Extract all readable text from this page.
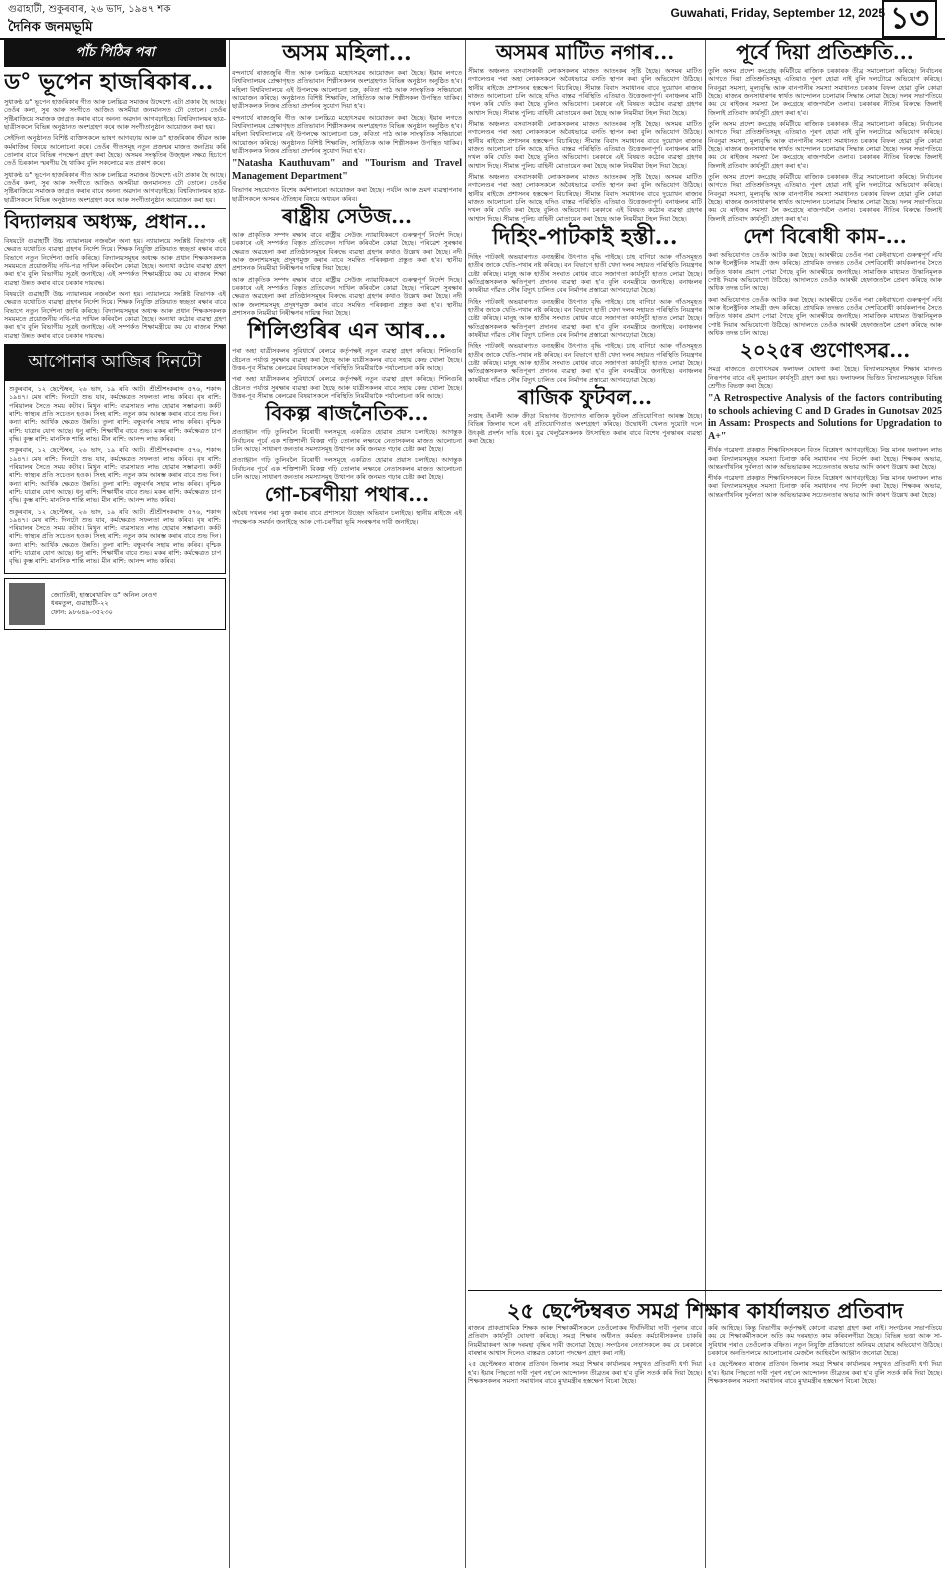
গুৱাহাটী, শুকুৰবাৰ, ২৬ ভাদ, ১৯৪৭ শক
দৈনিক জনমভূমি
Guwahati, Friday, September 12, 2025 ১৩
পাঁচ পিঠিৰ পৰা
ড° ভূপেন হাজৰিকাৰ...

সুধাকণ্ঠ ড° ভূপেন হাজৰিকাৰ গীত আৰু চলচ্চিত্ৰ সমাজৰ উদ্দেশ্যে এটা প্ৰকাৰ হৈ আছে। তেওঁৰ কলা, সুৰ আৰু সংগীতে আজিও অসমীয়া জনমানসত ঢৌ তোলে। তেওঁৰ সৃষ্টিৰাজিয়ে সমাজক জাগ্ৰত কৰাৰ বাবে অনন্য অৱদান আগবঢ়াইছে। বিশ্ববিদ্যালয়ৰ ছাত্ৰ-ছাত্ৰীসকলে বিভিন্ন অনুষ্ঠানত অংশগ্ৰহণ কৰে আৰু সংগীতানুষ্ঠান আয়োজন কৰা হয়।

সেইদিনা অনুষ্ঠানত বিশিষ্ট ব্যক্তিসকলে ভাষণ আগবঢ়ায় আৰু ড° হাজৰিকাৰ জীৱন আৰু কৰ্মৰাজিৰ বিষয়ে আলোচনা কৰে। তেওঁৰ গীতসমূহ নতুন প্ৰজন্মৰ মাজত জনপ্ৰিয় কৰি তোলাৰ বাবে বিভিন্ন পদক্ষেপ গ্ৰহণ কৰা হৈছে। অসমৰ সংস্কৃতিৰ উজ্জ্বল নক্ষত্ৰ হিচাপে তেওঁ চিৰকাল স্মৰণীয় হৈ থাকিব বুলি সকলোৱে মত প্ৰকাশ কৰে।

সুধাকণ্ঠ ড° ভূপেন হাজৰিকাৰ গীত আৰু চলচ্চিত্ৰ সমাজৰ উদ্দেশ্যে এটা প্ৰকাৰ হৈ আছে। তেওঁৰ কলা, সুৰ আৰু সংগীতে আজিও অসমীয়া জনমানসত ঢৌ তোলে। তেওঁৰ সৃষ্টিৰাজিয়ে সমাজক জাগ্ৰত কৰাৰ বাবে অনন্য অৱদান আগবঢ়াইছে। বিশ্ববিদ্যালয়ৰ ছাত্ৰ-ছাত্ৰীসকলে বিভিন্ন অনুষ্ঠানত অংশগ্ৰহণ কৰে আৰু সংগীতানুষ্ঠান আয়োজন কৰা হয়।

বিদ্যালয়ৰ অধ্যক্ষ, প্ৰধান...

বিষয়টো গুৱাহাটী উচ্চ ন্যায়ালয়ৰ নজৰলৈ অনা হয়। ন্যায়ালয়ে সংশ্লিষ্ট বিভাগক এই ক্ষেত্ৰত যথোচিত ব্যৱস্থা গ্ৰহণৰ নিৰ্দেশ দিয়ে। শিক্ষক নিযুক্তি প্ৰক্ৰিয়াত স্বচ্ছতা ৰক্ষাৰ বাবে বিভাগে নতুন নিৰ্দেশনা জাৰি কৰিছে। বিদ্যালয়সমূহৰ অধ্যক্ষ আৰু প্ৰধান শিক্ষকসকলক সময়মতে প্ৰয়োজনীয় নথি-পত্ৰ দাখিল কৰিবলৈ কোৱা হৈছে। অন্যথা কঠোৰ ব্যৱস্থা গ্ৰহণ কৰা হ'ব বুলি বিভাগীয় সূত্ৰই জনাইছে। এই সম্পৰ্কত শিক্ষামন্ত্ৰীয়ে কয় যে ৰাজ্যৰ শিক্ষা ব্যৱস্থা উন্নত কৰাৰ বাবে চৰকাৰ দায়বদ্ধ।

বিষয়টো গুৱাহাটী উচ্চ ন্যায়ালয়ৰ নজৰলৈ অনা হয়। ন্যায়ালয়ে সংশ্লিষ্ট বিভাগক এই ক্ষেত্ৰত যথোচিত ব্যৱস্থা গ্ৰহণৰ নিৰ্দেশ দিয়ে। শিক্ষক নিযুক্তি প্ৰক্ৰিয়াত স্বচ্ছতা ৰক্ষাৰ বাবে বিভাগে নতুন নিৰ্দেশনা জাৰি কৰিছে। বিদ্যালয়সমূহৰ অধ্যক্ষ আৰু প্ৰধান শিক্ষকসকলক সময়মতে প্ৰয়োজনীয় নথি-পত্ৰ দাখিল কৰিবলৈ কোৱা হৈছে। অন্যথা কঠোৰ ব্যৱস্থা গ্ৰহণ কৰা হ'ব বুলি বিভাগীয় সূত্ৰই জনাইছে। এই সম্পৰ্কত শিক্ষামন্ত্ৰীয়ে কয় যে ৰাজ্যৰ শিক্ষা ব্যৱস্থা উন্নত কৰাৰ বাবে চৰকাৰ দায়বদ্ধ।

আপোনাৰ আজিৰ দিনটো

শুকুৰবাৰ, ১২ ছেপ্টেম্বৰ, ২৬ ভাদ, ১৯ ৰবি আট। শ্ৰীশ্ৰীশংকৰাব্দ ৫৭৬, শকাব্দ ১৯৪৭। মেষ ৰাশি: দিনটো শুভ যাব, কৰ্মক্ষেত্ৰত সফলতা লাভ কৰিব। বৃষ ৰাশি: পৰিয়ালৰ সৈতে সময় কটাব। মিথুন ৰাশি: ব্যৱসায়ত লাভ হোৱাৰ সম্ভাৱনা। কৰ্কট ৰাশি: স্বাস্থ্যৰ প্ৰতি সচেতন হওক। সিংহ ৰাশি: নতুন কাম আৰম্ভ কৰাৰ বাবে শুভ দিন। কন্যা ৰাশি: আৰ্থিক ক্ষেত্ৰত উন্নতি। তুলা ৰাশি: বন্ধুবৰ্গৰ সহায় লাভ কৰিব। বৃশ্চিক ৰাশি: যাত্ৰাৰ যোগ আছে। ধনু ৰাশি: শিক্ষাৰ্থীৰ বাবে শুভ। মকৰ ৰাশি: কৰ্মক্ষেত্ৰত চাপ বৃদ্ধি। কুম্ভ ৰাশি: মানসিক শান্তি লাভ। মীন ৰাশি: আনন্দ লাভ কৰিব।

শুকুৰবাৰ, ১২ ছেপ্টেম্বৰ, ২৬ ভাদ, ১৯ ৰবি আট। শ্ৰীশ্ৰীশংকৰাব্দ ৫৭৬, শকাব্দ ১৯৪৭। মেষ ৰাশি: দিনটো শুভ যাব, কৰ্মক্ষেত্ৰত সফলতা লাভ কৰিব। বৃষ ৰাশি: পৰিয়ালৰ সৈতে সময় কটাব। মিথুন ৰাশি: ব্যৱসায়ত লাভ হোৱাৰ সম্ভাৱনা। কৰ্কট ৰাশি: স্বাস্থ্যৰ প্ৰতি সচেতন হওক। সিংহ ৰাশি: নতুন কাম আৰম্ভ কৰাৰ বাবে শুভ দিন। কন্যা ৰাশি: আৰ্থিক ক্ষেত্ৰত উন্নতি। তুলা ৰাশি: বন্ধুবৰ্গৰ সহায় লাভ কৰিব। বৃশ্চিক ৰাশি: যাত্ৰাৰ যোগ আছে। ধনু ৰাশি: শিক্ষাৰ্থীৰ বাবে শুভ। মকৰ ৰাশি: কৰ্মক্ষেত্ৰত চাপ বৃদ্ধি। কুম্ভ ৰাশি: মানসিক শান্তি লাভ। মীন ৰাশি: আনন্দ লাভ কৰিব।

শুকুৰবাৰ, ১২ ছেপ্টেম্বৰ, ২৬ ভাদ, ১৯ ৰবি আট। শ্ৰীশ্ৰীশংকৰাব্দ ৫৭৬, শকাব্দ ১৯৪৭। মেষ ৰাশি: দিনটো শুভ যাব, কৰ্মক্ষেত্ৰত সফলতা লাভ কৰিব। বৃষ ৰাশি: পৰিয়ালৰ সৈতে সময় কটাব। মিথুন ৰাশি: ব্যৱসায়ত লাভ হোৱাৰ সম্ভাৱনা। কৰ্কট ৰাশি: স্বাস্থ্যৰ প্ৰতি সচেতন হওক। সিংহ ৰাশি: নতুন কাম আৰম্ভ কৰাৰ বাবে শুভ দিন। কন্যা ৰাশি: আৰ্থিক ক্ষেত্ৰত উন্নতি। তুলা ৰাশি: বন্ধুবৰ্গৰ সহায় লাভ কৰিব। বৃশ্চিক ৰাশি: যাত্ৰাৰ যোগ আছে। ধনু ৰাশি: শিক্ষাৰ্থীৰ বাবে শুভ। মকৰ ৰাশি: কৰ্মক্ষেত্ৰত চাপ বৃদ্ধি। কুম্ভ ৰাশি: মানসিক শান্তি লাভ। মীন ৰাশি: আনন্দ লাভ কৰিব।

জ্যোতিষী, হাস্তৰেখাবিদ ড° অনিল নেওগ
ধৰমতুল, গুৱাহাটী-২২
ফোন: ৯৮৬৪৯-৩৫২৩০
অসম মহিলা...

বন্দনাৰ্থে ৰাজ্যজুৰি গীত আৰু চলচ্চিত্ৰ মহোৎসৱৰ আয়োজন কৰা হৈছে। ইয়াৰ লগতে বিশ্ববিদ্যালয়ৰ প্ৰেক্ষাগৃহত প্ৰতিভাবান শিল্পীসকলৰ অংশগ্ৰহণত বিভিন্ন অনুষ্ঠান অনুষ্ঠিত হ'ব। মহিলা বিশ্ববিদ্যালয়ে এই উপলক্ষে আলোচনা চক্ৰ, কবিতা পাঠ আৰু সাংস্কৃতিক সন্ধিয়াৰো আয়োজন কৰিছে। অনুষ্ঠানত বিশিষ্ট শিক্ষাবিদ, সাহিত্যিক আৰু শিল্পীসকল উপস্থিত থাকিব। ছাত্ৰীসকলক নিজৰ প্ৰতিভা প্ৰদৰ্শনৰ সুযোগ দিয়া হ'ব।

বন্দনাৰ্থে ৰাজ্যজুৰি গীত আৰু চলচ্চিত্ৰ মহোৎসৱৰ আয়োজন কৰা হৈছে। ইয়াৰ লগতে বিশ্ববিদ্যালয়ৰ প্ৰেক্ষাগৃহত প্ৰতিভাবান শিল্পীসকলৰ অংশগ্ৰহণত বিভিন্ন অনুষ্ঠান অনুষ্ঠিত হ'ব। মহিলা বিশ্ববিদ্যালয়ে এই উপলক্ষে আলোচনা চক্ৰ, কবিতা পাঠ আৰু সাংস্কৃতিক সন্ধিয়াৰো আয়োজন কৰিছে। অনুষ্ঠানত বিশিষ্ট শিক্ষাবিদ, সাহিত্যিক আৰু শিল্পীসকল উপস্থিত থাকিব। ছাত্ৰীসকলক নিজৰ প্ৰতিভা প্ৰদৰ্শনৰ সুযোগ দিয়া হ'ব।

"Natasha Kauthuvam" and "Tourism and Travel Management Department"

বিভাগৰ সহযোগত বিশেষ কৰ্মশালাৰো আয়োজন কৰা হৈছে। পৰ্যটন আৰু ভ্ৰমণ ব্যৱস্থাপনাৰ ছাত্ৰীসকলে অসমৰ ঐতিহ্যৰ বিষয়ে অধ্যয়ন কৰিব।

ৰাষ্ট্ৰীয় সেউজ...

আৰু প্ৰাকৃতিক সম্পদ ৰক্ষাৰ বাবে ৰাষ্ট্ৰীয় সেউজ ন্যায়াধিকৰণে গুৰুত্বপূৰ্ণ নিৰ্দেশ দিছে। চৰকাৰে এই সম্পৰ্কত বিস্তৃত প্ৰতিবেদন দাখিল কৰিবলৈ কোৱা হৈছে। পৰিৱেশ সুৰক্ষাৰ ক্ষেত্ৰত অৱহেলা কৰা প্ৰতিষ্ঠানসমূহৰ বিৰুদ্ধে ব্যৱস্থা গ্ৰহণৰ কথাও উল্লেখ কৰা হৈছে। নদী আৰু জলাশয়সমূহ প্ৰদূষণমুক্ত কৰাৰ বাবে সমন্বিত পৰিকল্পনা প্ৰস্তুত কৰা হ'ব। স্থানীয় প্ৰশাসনক নিয়মীয়া নিৰীক্ষণৰ দায়িত্ব দিয়া হৈছে।

আৰু প্ৰাকৃতিক সম্পদ ৰক্ষাৰ বাবে ৰাষ্ট্ৰীয় সেউজ ন্যায়াধিকৰণে গুৰুত্বপূৰ্ণ নিৰ্দেশ দিছে। চৰকাৰে এই সম্পৰ্কত বিস্তৃত প্ৰতিবেদন দাখিল কৰিবলৈ কোৱা হৈছে। পৰিৱেশ সুৰক্ষাৰ ক্ষেত্ৰত অৱহেলা কৰা প্ৰতিষ্ঠানসমূহৰ বিৰুদ্ধে ব্যৱস্থা গ্ৰহণৰ কথাও উল্লেখ কৰা হৈছে। নদী আৰু জলাশয়সমূহ প্ৰদূষণমুক্ত কৰাৰ বাবে সমন্বিত পৰিকল্পনা প্ৰস্তুত কৰা হ'ব। স্থানীয় প্ৰশাসনক নিয়মীয়া নিৰীক্ষণৰ দায়িত্ব দিয়া হৈছে।

শিলিগুৰিৰ এন আৰ...

পৰা অহা যাত্ৰীসকলৰ সুবিধাৰ্থে ৰেলৱে কৰ্তৃপক্ষই নতুন ব্যৱস্থা গ্ৰহণ কৰিছে। শিলিগুৰি ষ্টেচনত পৰ্যাপ্ত সুৰক্ষাৰ ব্যৱস্থা কৰা হৈছে আৰু যাত্ৰীসকলৰ বাবে সহায় কেন্দ্ৰ খোলা হৈছে। উত্তৰ-পূব সীমান্ত ৰেলৱেৰ বিষয়াসকলে পৰিস্থিতি নিয়মীয়াকৈ পৰ্যালোচনা কৰি আছে।

পৰা অহা যাত্ৰীসকলৰ সুবিধাৰ্থে ৰেলৱে কৰ্তৃপক্ষই নতুন ব্যৱস্থা গ্ৰহণ কৰিছে। শিলিগুৰি ষ্টেচনত পৰ্যাপ্ত সুৰক্ষাৰ ব্যৱস্থা কৰা হৈছে আৰু যাত্ৰীসকলৰ বাবে সহায় কেন্দ্ৰ খোলা হৈছে। উত্তৰ-পূব সীমান্ত ৰেলৱেৰ বিষয়াসকলে পৰিস্থিতি নিয়মীয়াকৈ পৰ্যালোচনা কৰি আছে।

বিকল্প ৰাজনৈতিক...

প্ৰত্যাহ্বান গঢ়ি তুলিবলৈ বিৰোধী দলসমূহে একত্ৰিত হোৱাৰ প্ৰয়াস চলাইছে। আগন্তুক নিৰ্বাচনৰ পূৰ্বে এক শক্তিশালী বিকল্প গঢ়ি তোলাৰ লক্ষ্যৰে নেতাসকলৰ মাজত আলোচনা চলি আছে। সাধাৰণ জনতাৰ সমস্যাসমূহ উত্থাপন কৰি জনমত গঢ়াৰ চেষ্টা কৰা হৈছে।

প্ৰত্যাহ্বান গঢ়ি তুলিবলৈ বিৰোধী দলসমূহে একত্ৰিত হোৱাৰ প্ৰয়াস চলাইছে। আগন্তুক নিৰ্বাচনৰ পূৰ্বে এক শক্তিশালী বিকল্প গঢ়ি তোলাৰ লক্ষ্যৰে নেতাসকলৰ মাজত আলোচনা চলি আছে। সাধাৰণ জনতাৰ সমস্যাসমূহ উত্থাপন কৰি জনমত গঢ়াৰ চেষ্টা কৰা হৈছে।

গো-চৰণীয়া পথাৰ...

অবৈধ দখলৰ পৰা মুক্ত কৰাৰ বাবে প্ৰশাসনে উচ্ছেদ অভিযান চলাইছে। স্থানীয় ৰাইজে এই পদক্ষেপক সমৰ্থন জনাইছে আৰু গো-চৰণীয়া ভূমি সংৰক্ষণৰ দাবী জনাইছে।

অসমৰ মাটিত নগাৰ...

সীমান্ত অঞ্চলত বসবাসকাৰী লোকসকলৰ মাজত আতংকৰ সৃষ্টি হৈছে। অসমৰ মাটিত নগালেণ্ডৰ পৰা অহা লোকসকলে অবৈধভাৱে বসতি স্থাপন কৰা বুলি অভিযোগ উঠিছে। স্থানীয় ৰাইজে প্ৰশাসনৰ হস্তক্ষেপ বিচাৰিছে। সীমান্ত বিবাদ সমাধানৰ বাবে দুয়োখন ৰাজ্যৰ মাজত আলোচনা চলি আছে যদিও বাস্তৱ পৰিস্থিতি এতিয়াও উত্তেজনাপূৰ্ণ। বনাঞ্চলৰ মাটি দখল কৰি খেতি কৰা হৈছে বুলিও অভিযোগ। চৰকাৰে এই বিষয়ত কঠোৰ ব্যৱস্থা গ্ৰহণৰ আশ্বাস দিছে। সীমান্ত পুলিচ বাহিনী মোতায়েন কৰা হৈছে আৰু নিয়মীয়া টহল দিয়া হৈছে।

সীমান্ত অঞ্চলত বসবাসকাৰী লোকসকলৰ মাজত আতংকৰ সৃষ্টি হৈছে। অসমৰ মাটিত নগালেণ্ডৰ পৰা অহা লোকসকলে অবৈধভাৱে বসতি স্থাপন কৰা বুলি অভিযোগ উঠিছে। স্থানীয় ৰাইজে প্ৰশাসনৰ হস্তক্ষেপ বিচাৰিছে। সীমান্ত বিবাদ সমাধানৰ বাবে দুয়োখন ৰাজ্যৰ মাজত আলোচনা চলি আছে যদিও বাস্তৱ পৰিস্থিতি এতিয়াও উত্তেজনাপূৰ্ণ। বনাঞ্চলৰ মাটি দখল কৰি খেতি কৰা হৈছে বুলিও অভিযোগ। চৰকাৰে এই বিষয়ত কঠোৰ ব্যৱস্থা গ্ৰহণৰ আশ্বাস দিছে। সীমান্ত পুলিচ বাহিনী মোতায়েন কৰা হৈছে আৰু নিয়মীয়া টহল দিয়া হৈছে।

সীমান্ত অঞ্চলত বসবাসকাৰী লোকসকলৰ মাজত আতংকৰ সৃষ্টি হৈছে। অসমৰ মাটিত নগালেণ্ডৰ পৰা অহা লোকসকলে অবৈধভাৱে বসতি স্থাপন কৰা বুলি অভিযোগ উঠিছে। স্থানীয় ৰাইজে প্ৰশাসনৰ হস্তক্ষেপ বিচাৰিছে। সীমান্ত বিবাদ সমাধানৰ বাবে দুয়োখন ৰাজ্যৰ মাজত আলোচনা চলি আছে যদিও বাস্তৱ পৰিস্থিতি এতিয়াও উত্তেজনাপূৰ্ণ। বনাঞ্চলৰ মাটি দখল কৰি খেতি কৰা হৈছে বুলিও অভিযোগ। চৰকাৰে এই বিষয়ত কঠোৰ ব্যৱস্থা গ্ৰহণৰ আশ্বাস দিছে। সীমান্ত পুলিচ বাহিনী মোতায়েন কৰা হৈছে আৰু নিয়মীয়া টহল দিয়া হৈছে।

দিহিং-পাটকাই হস্তী...

দিহিং পাটকাই অভয়াৰণ্যত বন্যহস্তীৰ উৎপাত বৃদ্ধি পাইছে। চাহ বাগিচা আৰু গাঁওসমূহত হাতীৰ জাকে খেতি-পথাৰ নষ্ট কৰিছে। বন বিভাগে হাতী খেদা দলৰ সহায়ত পৰিস্থিতি নিয়ন্ত্ৰণৰ চেষ্টা কৰিছে। মানুহ আৰু হাতীৰ সংঘাত ৰোধৰ বাবে সজাগতা কাৰ্যসূচী হাতত লোৱা হৈছে। ক্ষতিগ্ৰস্তসকলক ক্ষতিপূৰণ প্ৰদানৰ ব্যৱস্থা কৰা হ'ব বুলি বনমন্ত্ৰীয়ে জনাইছে। বনাঞ্চলৰ কাষৰীয়া গাঁৱত সৌৰ বিদ্যুৎ চালিত বেৰ নিৰ্মাণৰ প্ৰস্তাৱো আগবঢ়োৱা হৈছে।

দিহিং পাটকাই অভয়াৰণ্যত বন্যহস্তীৰ উৎপাত বৃদ্ধি পাইছে। চাহ বাগিচা আৰু গাঁওসমূহত হাতীৰ জাকে খেতি-পথাৰ নষ্ট কৰিছে। বন বিভাগে হাতী খেদা দলৰ সহায়ত পৰিস্থিতি নিয়ন্ত্ৰণৰ চেষ্টা কৰিছে। মানুহ আৰু হাতীৰ সংঘাত ৰোধৰ বাবে সজাগতা কাৰ্যসূচী হাতত লোৱা হৈছে। ক্ষতিগ্ৰস্তসকলক ক্ষতিপূৰণ প্ৰদানৰ ব্যৱস্থা কৰা হ'ব বুলি বনমন্ত্ৰীয়ে জনাইছে। বনাঞ্চলৰ কাষৰীয়া গাঁৱত সৌৰ বিদ্যুৎ চালিত বেৰ নিৰ্মাণৰ প্ৰস্তাৱো আগবঢ়োৱা হৈছে।

দিহিং পাটকাই অভয়াৰণ্যত বন্যহস্তীৰ উৎপাত বৃদ্ধি পাইছে। চাহ বাগিচা আৰু গাঁওসমূহত হাতীৰ জাকে খেতি-পথাৰ নষ্ট কৰিছে। বন বিভাগে হাতী খেদা দলৰ সহায়ত পৰিস্থিতি নিয়ন্ত্ৰণৰ চেষ্টা কৰিছে। মানুহ আৰু হাতীৰ সংঘাত ৰোধৰ বাবে সজাগতা কাৰ্যসূচী হাতত লোৱা হৈছে। ক্ষতিগ্ৰস্তসকলক ক্ষতিপূৰণ প্ৰদানৰ ব্যৱস্থা কৰা হ'ব বুলি বনমন্ত্ৰীয়ে জনাইছে। বনাঞ্চলৰ কাষৰীয়া গাঁৱত সৌৰ বিদ্যুৎ চালিত বেৰ নিৰ্মাণৰ প্ৰস্তাৱো আগবঢ়োৱা হৈছে।

ৰাজিক ফুটবল...

সপ্তাহ ওঁৰালী আৰু ক্ৰীড়া বিভাগৰ উদ্যোগত ৰাজ্যিক ফুটবল প্ৰতিযোগিতা আৰম্ভ হৈছে। বিভিন্ন জিলাৰ দলে এই প্ৰতিযোগিতাত অংশগ্ৰহণ কৰিছে। উদ্বোধনী খেলত দুয়োটা দলে উৎকৃষ্ট প্ৰদৰ্শন দাঙি ধৰে। যুৱ খেলুৱৈসকলক উৎসাহিত কৰাৰ বাবে বিশেষ পুৰস্কাৰৰ ব্যৱস্থা কৰা হৈছে।

পূৰ্বে দিয়া প্ৰতিশ্ৰুতি...

তুলি অসম প্ৰদেশ কংগ্ৰেছ কমিটীয়ে ৰাজ্যিক চৰকাৰক তীব্ৰ সমালোচনা কৰিছে। নিৰ্বাচনৰ আগতে দিয়া প্ৰতিশ্ৰুতিসমূহ এতিয়াও পূৰণ হোৱা নাই বুলি দলটোৱে অভিযোগ কৰিছে। নিবনুৱা সমস্যা, মূল্যবৃদ্ধি আৰু বানপানীৰ সমস্যা সমাধানত চৰকাৰ বিফল হোৱা বুলি কোৱা হৈছে। ৰাজ্যৰ জনসাধাৰণৰ স্বাৰ্থত আন্দোলন চলোৱাৰ সিদ্ধান্ত লোৱা হৈছে। দলৰ সভাপতিয়ে কয় যে ৰাইজৰ সমস্যা লৈ কংগ্ৰেছে ৰাজপথলৈ ওলাব। চৰকাৰৰ নীতিৰ বিৰুদ্ধে জিলাই জিলাই প্ৰতিবাদ কাৰ্যসূচী গ্ৰহণ কৰা হ'ব।

তুলি অসম প্ৰদেশ কংগ্ৰেছ কমিটীয়ে ৰাজ্যিক চৰকাৰক তীব্ৰ সমালোচনা কৰিছে। নিৰ্বাচনৰ আগতে দিয়া প্ৰতিশ্ৰুতিসমূহ এতিয়াও পূৰণ হোৱা নাই বুলি দলটোৱে অভিযোগ কৰিছে। নিবনুৱা সমস্যা, মূল্যবৃদ্ধি আৰু বানপানীৰ সমস্যা সমাধানত চৰকাৰ বিফল হোৱা বুলি কোৱা হৈছে। ৰাজ্যৰ জনসাধাৰণৰ স্বাৰ্থত আন্দোলন চলোৱাৰ সিদ্ধান্ত লোৱা হৈছে। দলৰ সভাপতিয়ে কয় যে ৰাইজৰ সমস্যা লৈ কংগ্ৰেছে ৰাজপথলৈ ওলাব। চৰকাৰৰ নীতিৰ বিৰুদ্ধে জিলাই জিলাই প্ৰতিবাদ কাৰ্যসূচী গ্ৰহণ কৰা হ'ব।

তুলি অসম প্ৰদেশ কংগ্ৰেছ কমিটীয়ে ৰাজ্যিক চৰকাৰক তীব্ৰ সমালোচনা কৰিছে। নিৰ্বাচনৰ আগতে দিয়া প্ৰতিশ্ৰুতিসমূহ এতিয়াও পূৰণ হোৱা নাই বুলি দলটোৱে অভিযোগ কৰিছে। নিবনুৱা সমস্যা, মূল্যবৃদ্ধি আৰু বানপানীৰ সমস্যা সমাধানত চৰকাৰ বিফল হোৱা বুলি কোৱা হৈছে। ৰাজ্যৰ জনসাধাৰণৰ স্বাৰ্থত আন্দোলন চলোৱাৰ সিদ্ধান্ত লোৱা হৈছে। দলৰ সভাপতিয়ে কয় যে ৰাইজৰ সমস্যা লৈ কংগ্ৰেছে ৰাজপথলৈ ওলাব। চৰকাৰৰ নীতিৰ বিৰুদ্ধে জিলাই জিলাই প্ৰতিবাদ কাৰ্যসূচী গ্ৰহণ কৰা হ'ব।

দেশ বিৰোধী কাম-...

কৰা অভিযোগত তেওঁক আটক কৰা হৈছে। আৰক্ষীয়ে তেওঁৰ পৰা কেইবাখনো গুৰুত্বপূৰ্ণ নথি আৰু ইলেক্ট্ৰনিক সামগ্ৰী জব্দ কৰিছে। প্ৰাথমিক তদন্তত তেওঁৰ দেশবিৰোধী কাৰ্যকলাপৰ সৈতে জড়িত থকাৰ প্ৰমাণ পোৱা গৈছে বুলি আৰক্ষীয়ে জনাইছে। সামাজিক মাধ্যমত উস্কানিমূলক পোষ্ট দিয়াৰ অভিযোগো উঠিছে। আদালতে তেওঁক আৰক্ষী হেফাজতলৈ প্ৰেৰণ কৰিছে আৰু অধিক তদন্ত চলি আছে।

কৰা অভিযোগত তেওঁক আটক কৰা হৈছে। আৰক্ষীয়ে তেওঁৰ পৰা কেইবাখনো গুৰুত্বপূৰ্ণ নথি আৰু ইলেক্ট্ৰনিক সামগ্ৰী জব্দ কৰিছে। প্ৰাথমিক তদন্তত তেওঁৰ দেশবিৰোধী কাৰ্যকলাপৰ সৈতে জড়িত থকাৰ প্ৰমাণ পোৱা গৈছে বুলি আৰক্ষীয়ে জনাইছে। সামাজিক মাধ্যমত উস্কানিমূলক পোষ্ট দিয়াৰ অভিযোগো উঠিছে। আদালতে তেওঁক আৰক্ষী হেফাজতলৈ প্ৰেৰণ কৰিছে আৰু অধিক তদন্ত চলি আছে।

২০২৫ৰ গুণোৎসৱ...

সমগ্ৰ ৰাজ্যতে গুণোৎসৱৰ ফলাফল ঘোষণা কৰা হৈছে। বিদ্যালয়সমূহৰ শিক্ষাৰ মানদণ্ড নিৰূপণৰ বাবে এই মূল্যায়ন কাৰ্যসূচী গ্ৰহণ কৰা হয়। ফলাফলৰ ভিত্তিত বিদ্যালয়সমূহক বিভিন্ন শ্ৰেণীত বিভক্ত কৰা হৈছে।

"A Retrospective Analysis of the factors contributing to schools achieving C and D Grades in Gunotsav 2025 in Assam: Prospects and Solutions for Upgradation to A+"

শীৰ্ষক গৱেষণা প্ৰকল্পত শিক্ষাবিদসকলে বিতং বিশ্লেষণ আগবঢ়াইছে। নিম্ন মানৰ ফলাফল লাভ কৰা বিদ্যালয়সমূহৰ সমস্যা চিনাক্ত কৰি সমাধানৰ পথ নিৰ্দেশ কৰা হৈছে। শিক্ষকৰ অভাৱ, আন্তঃগাঁথনিৰ দুৰ্বলতা আৰু অভিভাৱকৰ সচেতনতাৰ অভাৱ আদি কাৰণ উল্লেখ কৰা হৈছে।

শীৰ্ষক গৱেষণা প্ৰকল্পত শিক্ষাবিদসকলে বিতং বিশ্লেষণ আগবঢ়াইছে। নিম্ন মানৰ ফলাফল লাভ কৰা বিদ্যালয়সমূহৰ সমস্যা চিনাক্ত কৰি সমাধানৰ পথ নিৰ্দেশ কৰা হৈছে। শিক্ষকৰ অভাৱ, আন্তঃগাঁথনিৰ দুৰ্বলতা আৰু অভিভাৱকৰ সচেতনতাৰ অভাৱ আদি কাৰণ উল্লেখ কৰা হৈছে।

২৫ ছেপ্টেম্বৰত সমগ্ৰ শিক্ষাৰ কাৰ্যালয়ত প্ৰতিবাদ

ৰাজ্যৰ প্ৰাকপ্ৰাথমিক শিক্ষক আৰু শিক্ষাকৰ্মীসকলে তেওঁলোকৰ দীৰ্ঘদিনীয়া দাবী পূৰণৰ বাবে প্ৰতিবাদ কাৰ্যসূচী ঘোষণা কৰিছে। সমগ্ৰ শিক্ষাৰ অধীনত কৰ্মৰত কৰ্মচাৰীসকলৰ চাকৰি নিয়মীয়াকৰণ আৰু দৰমহা বৃদ্ধিৰ দাবী জনোৱা হৈছে। সংগঠনৰ নেতাসকলে কয় যে চৰকাৰে বাৰম্বাৰ আশ্বাস দিলেও বাস্তৱত কোনো পদক্ষেপ গ্ৰহণ কৰা নাই।

২৫ ছেপ্টেম্বৰত ৰাজ্যৰ প্ৰতিখন জিলাৰ সমগ্ৰ শিক্ষাৰ কাৰ্যালয়ৰ সন্মুখত প্ৰতিবাদী ধৰ্ণা দিয়া হ'ব। ইয়াৰ পিছতো দাবী পূৰণ নহ'লে আন্দোলন তীব্ৰতৰ কৰা হ'ব বুলি সতৰ্ক কৰি দিয়া হৈছে। শিক্ষকসকলৰ সমস্যা সমাধানৰ বাবে মুখ্যমন্ত্ৰীৰ হস্তক্ষেপ বিচৰা হৈছে।

কৰি আহিছে। কিন্তু বিভাগীয় কৰ্তৃপক্ষই কোনো ব্যৱস্থা গ্ৰহণ কৰা নাই। সংগঠনৰ সভাপতিয়ে কয় যে শিক্ষাকৰ্মীসকলে অতি কম দৰমহাত কাম কৰিবলগীয়া হৈছে। বিভিন্ন ভত্তা আৰু সা-সুবিধাৰ পৰাও তেওঁলোক বঞ্চিত। নতুন নিযুক্তি প্ৰক্ৰিয়াতো অনিয়ম হোৱাৰ অভিযোগ উঠিছে। চৰকাৰে অনতিপলমে আলোচনাৰ মেজলৈ আহিবলৈ আহ্বান জনোৱা হৈছে।

২৫ ছেপ্টেম্বৰত ৰাজ্যৰ প্ৰতিখন জিলাৰ সমগ্ৰ শিক্ষাৰ কাৰ্যালয়ৰ সন্মুখত প্ৰতিবাদী ধৰ্ণা দিয়া হ'ব। ইয়াৰ পিছতো দাবী পূৰণ নহ'লে আন্দোলন তীব্ৰতৰ কৰা হ'ব বুলি সতৰ্ক কৰি দিয়া হৈছে। শিক্ষকসকলৰ সমস্যা সমাধানৰ বাবে মুখ্যমন্ত্ৰীৰ হস্তক্ষেপ বিচৰা হৈছে।
